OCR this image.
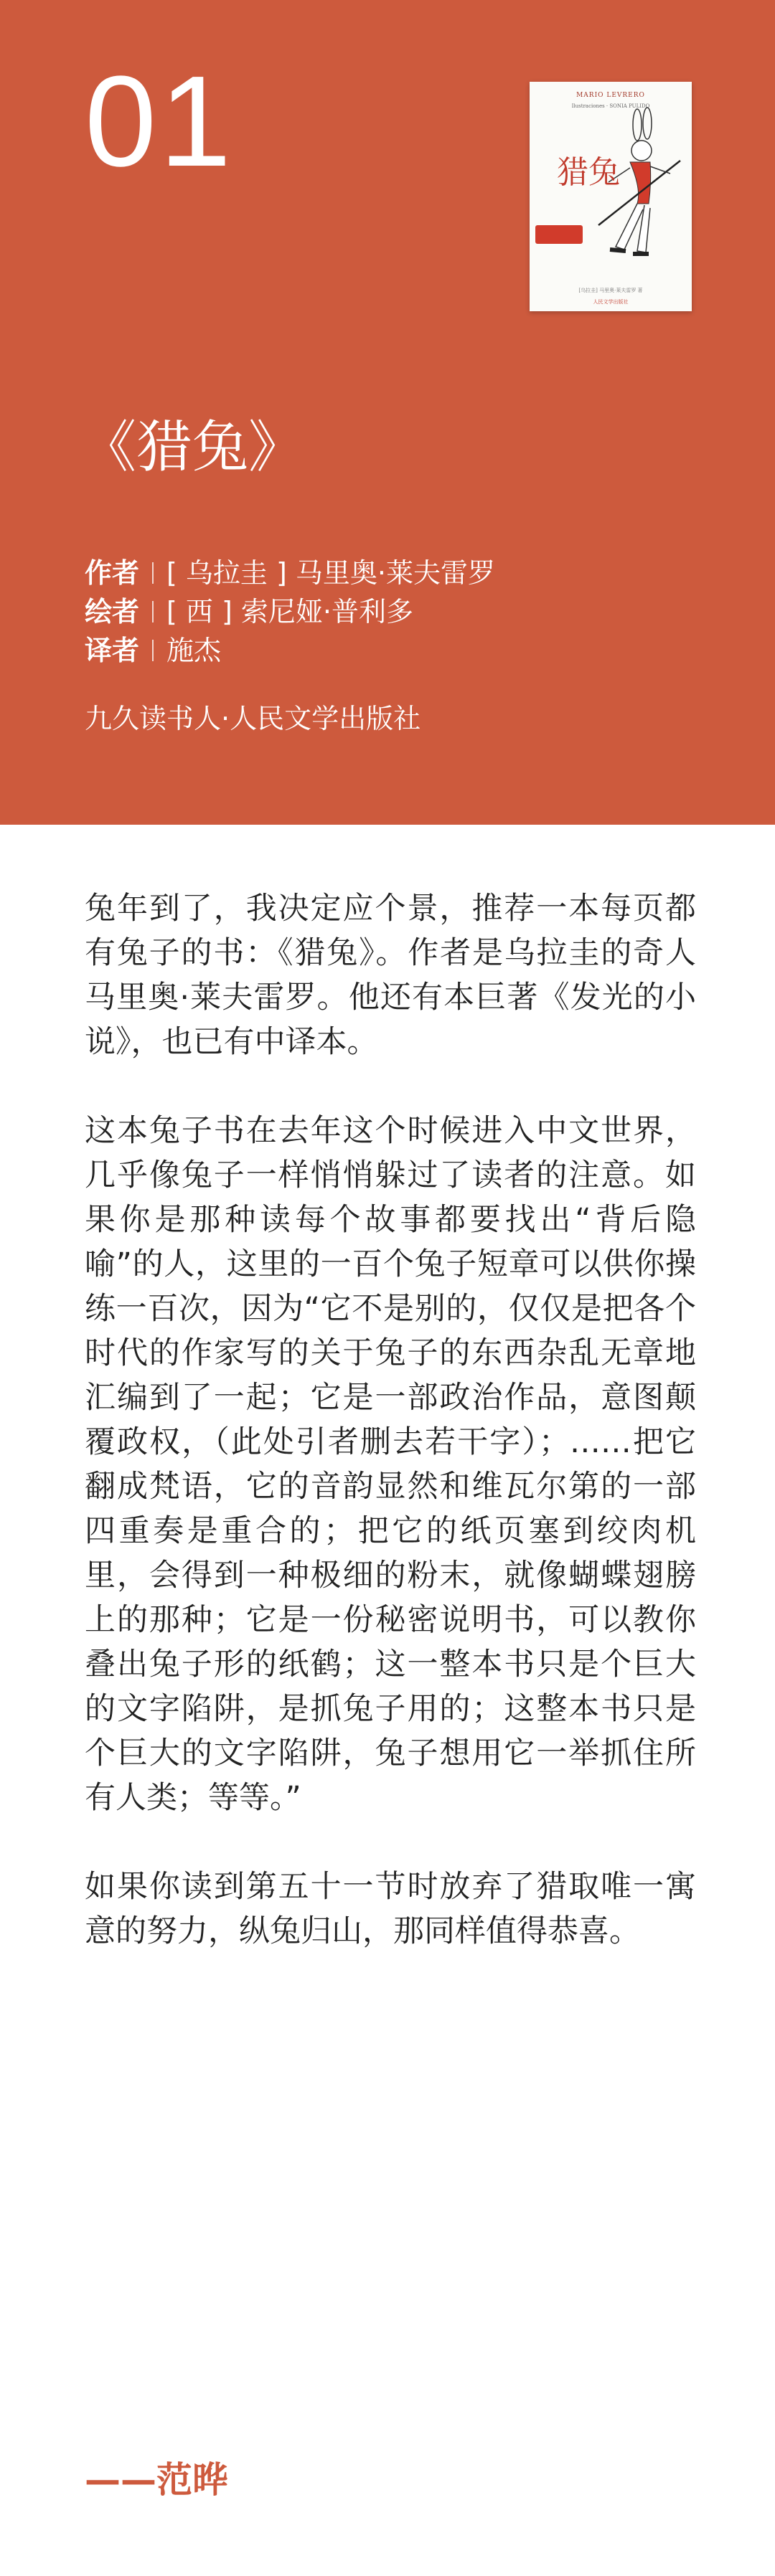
01	MARIO LEVRERO
Ilustraciones · SONIA PULIDO
猎兔
[乌拉圭] 马里奥·莱夫雷罗 著
人民文学出版社
《猎兔》
作者 [ 乌拉圭 ] 马里奥·莱夫雷罗
绘者 [ 西 ] 索尼娅·普利多
译者 施杰
九久读书人·人民文学出版社

兔年到了，我决定应个景，推荐一本每页都有兔子的书：《猎兔》。作者是乌拉圭的奇人马里奥·莱夫雷罗。他还有本巨著《发光的小说》，也已有中译本。

这本兔子书在去年这个时候进入中文世界，几乎像兔子一样悄悄躲过了读者的注意。如果你是那种读每个故事都要找出“背后隐喻”的人，这里的一百个兔子短章可以供你操练一百次，因为“它不是别的，仅仅是把各个时代的作家写的关于兔子的东西杂乱无章地汇编到了一起；它是一部政治作品，意图颠覆政权，（此处引者删去若干字）；……把它翻成梵语，它的音韵显然和维瓦尔第的一部四重奏是重合的；把它的纸页塞到绞肉机里，会得到一种极细的粉末，就像蝴蝶翅膀上的那种；它是一份秘密说明书，可以教你叠出兔子形的纸鹤；这一整本书只是个巨大的文字陷阱，是抓兔子用的；这整本书只是个巨大的文字陷阱，兔子想用它一举抓住所有人类；等等。”

如果你读到第五十一节时放弃了猎取唯一寓意的努力，纵兔归山，那同样值得恭喜。

——范晔
